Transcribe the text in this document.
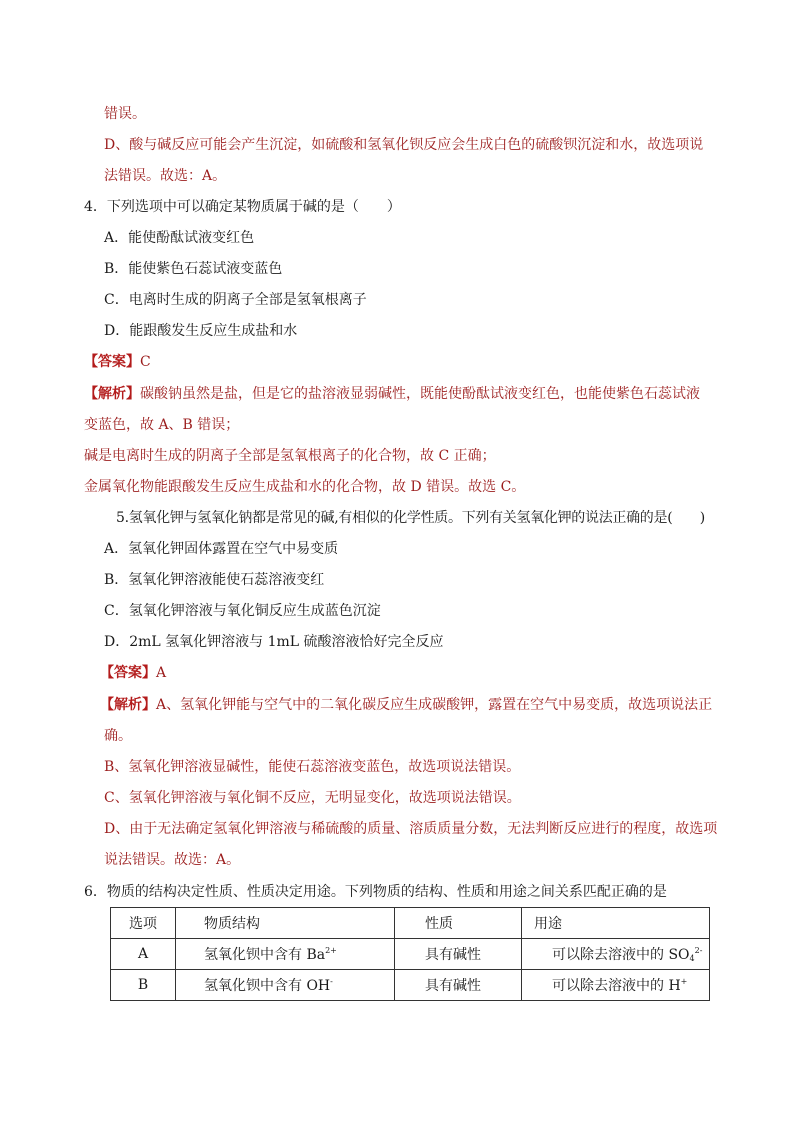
错误。
D、酸与碱反应可能会产生沉淀，如硫酸和氢氧化钡反应会生成白色的硫酸钡沉淀和水，故选项说
法错误。故选：A。
4．下列选项中可以确定某物质属于碱的是（　　）
A．能使酚酞试液变红色
B．能使紫色石蕊试液变蓝色
C．电离时生成的阴离子全部是氢氧根离子
D．能跟酸发生反应生成盐和水
【答案】C
【解析】碳酸钠虽然是盐，但是它的盐溶液显弱碱性，既能使酚酞试液变红色，也能使紫色石蕊试液
变蓝色，故 A、B 错误；
碱是电离时生成的阴离子全部是氢氧根离子的化合物，故 C 正确；
金属氧化物能跟酸发生反应生成盐和水的化合物，故 D 错误。故选 C。
5.氢氧化钾与氢氧化钠都是常见的碱,有相似的化学性质。下列有关氢氧化钾的说法正确的是(　　)
A．氢氧化钾固体露置在空气中易变质
B．氢氧化钾溶液能使石蕊溶液变红
C．氢氧化钾溶液与氧化铜反应生成蓝色沉淀
D．2mL 氢氧化钾溶液与 1mL 硫酸溶液恰好完全反应
【答案】A
【解析】A、氢氧化钾能与空气中的二氧化碳反应生成碳酸钾，露置在空气中易变质，故选项说法正
确。
B、氢氧化钾溶液显碱性，能使石蕊溶液变蓝色，故选项说法错误。
C、氢氧化钾溶液与氧化铜不反应，无明显变化，故选项说法错误。
D、由于无法确定氢氧化钾溶液与稀硫酸的质量、溶质质量分数，无法判断反应进行的程度，故选项
说法错误。故选：A。
6．物质的结构决定性质、性质决定用途。下列物质的结构、性质和用途之间关系匹配正确的是
选项	物质结构	性质	用途
A	氢氧化钡中含有 $Ba^{2+}$	具有碱性	可以除去溶液中的 $SO_4^{2-}$
B	氢氧化钡中含有 OH-	具有碱性	可以除去溶液中的 H+
